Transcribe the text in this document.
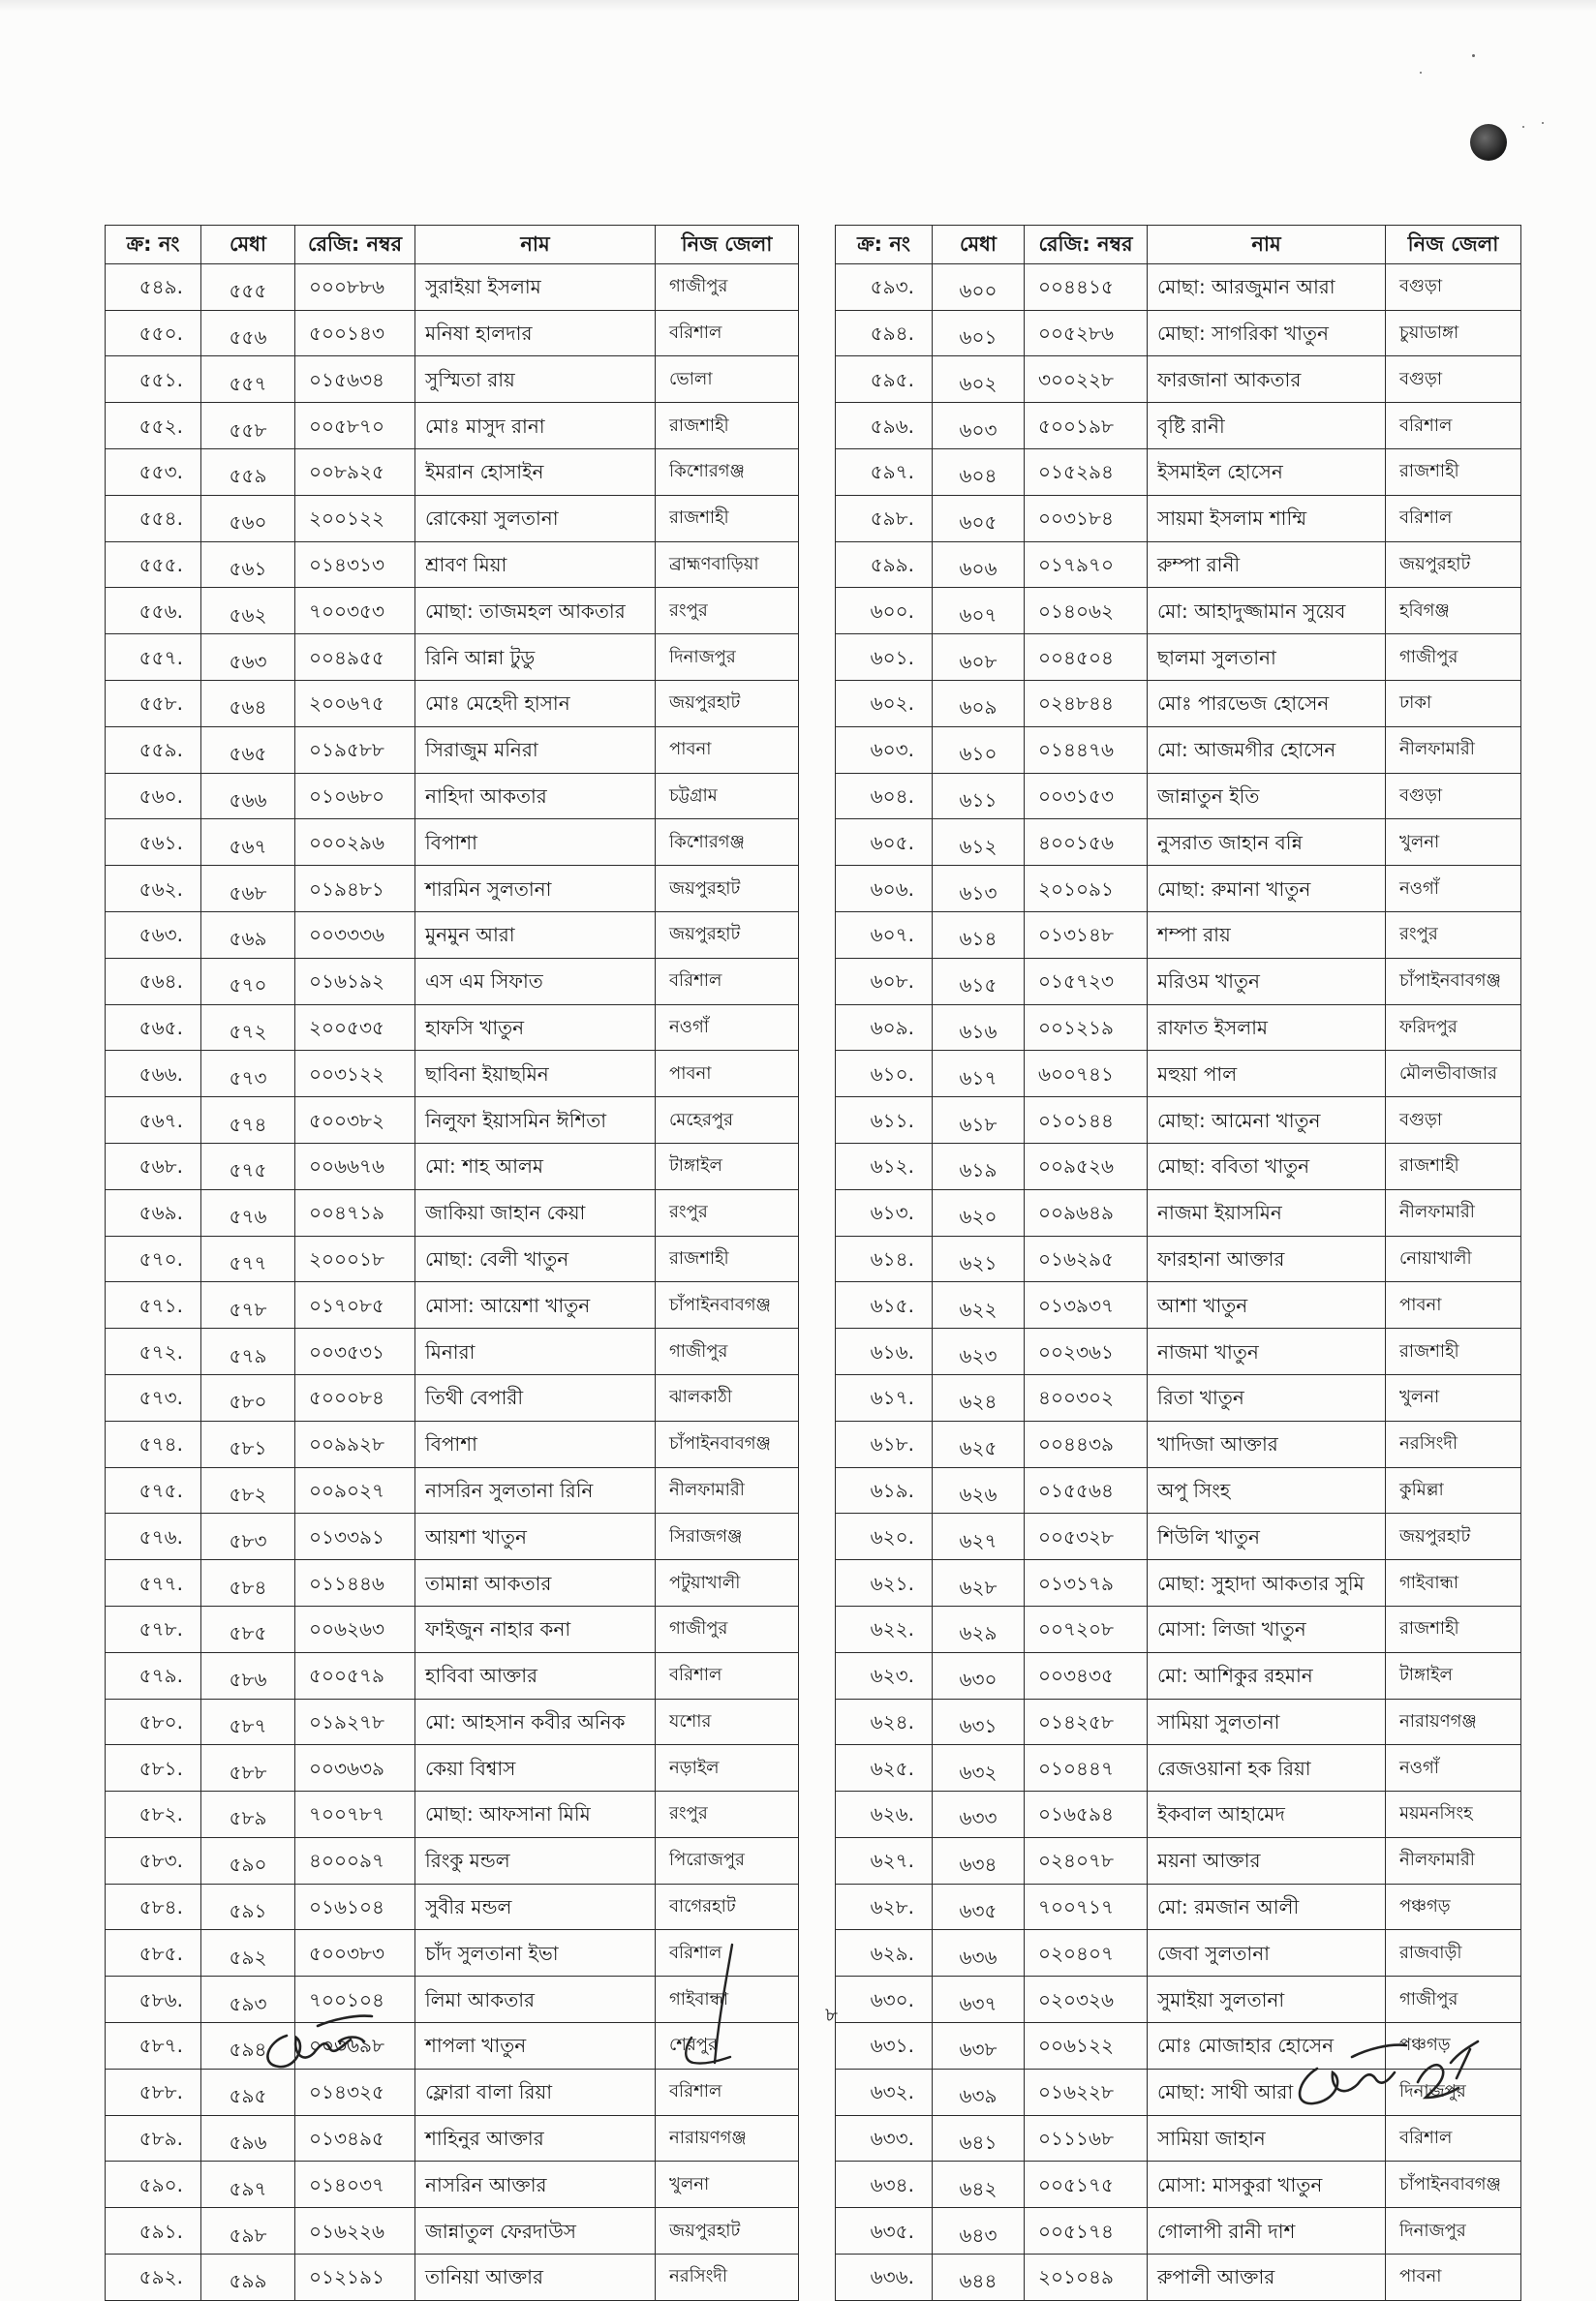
ক্র: নং	মেধা	রেজি: নম্বর	নাম	নিজ জেলা
৫৪৯.	৫৫৫	০০০৮৮৬	সুরাইয়া ইসলাম	গাজীপুর
৫৫০.	৫৫৬	৫০০১৪৩	মনিষা হালদার	বরিশাল
৫৫১.	৫৫৭	০১৫৬৩৪	সুস্মিতা রায়	ভোলা
৫৫২.	৫৫৮	০০৫৮৭০	মোঃ মাসুদ রানা	রাজশাহী
৫৫৩.	৫৫৯	০০৮৯২৫	ইমরান হোসাইন	কিশোরগঞ্জ
৫৫৪.	৫৬০	২০০১২২	রোকেয়া সুলতানা	রাজশাহী
৫৫৫.	৫৬১	০১৪৩১৩	শ্রাবণ মিয়া	ব্রাহ্মণবাড়িয়া
৫৫৬.	৫৬২	৭০০৩৫৩	মোছা: তাজমহল আকতার	রংপুর
৫৫৭.	৫৬৩	০০৪৯৫৫	রিনি আন্না টুডু	দিনাজপুর
৫৫৮.	৫৬৪	২০০৬৭৫	মোঃ মেহেদী হাসান	জয়পুরহাট
৫৫৯.	৫৬৫	০১৯৫৮৮	সিরাজুম মনিরা	পাবনা
৫৬০.	৫৬৬	০১০৬৮০	নাহিদা আকতার	চট্টগ্রাম
৫৬১.	৫৬৭	০০০২৯৬	বিপাশা	কিশোরগঞ্জ
৫৬২.	৫৬৮	০১৯৪৮১	শারমিন সুলতানা	জয়পুরহাট
৫৬৩.	৫৬৯	০০৩৩৩৬	মুনমুন আরা	জয়পুরহাট
৫৬৪.	৫৭০	০১৬১৯২	এস এম সিফাত	বরিশাল
৫৬৫.	৫৭২	২০০৫৩৫	হাফসি খাতুন	নওগাঁ
৫৬৬.	৫৭৩	০০৩১২২	ছাবিনা ইয়াছমিন	পাবনা
৫৬৭.	৫৭৪	৫০০৩৮২	নিলুফা ইয়াসমিন ঈশিতা	মেহেরপুর
৫৬৮.	৫৭৫	০০৬৬৭৬	মো: শাহ আলম	টাঙ্গাইল
৫৬৯.	৫৭৬	০০৪৭১৯	জাকিয়া জাহান কেয়া	রংপুর
৫৭০.	৫৭৭	২০০০১৮	মোছা: বেলী খাতুন	রাজশাহী
৫৭১.	৫৭৮	০১৭০৮৫	মোসা: আয়েশা খাতুন	চাঁপাইনবাবগঞ্জ
৫৭২.	৫৭৯	০০৩৫৩১	মিনারা	গাজীপুর
৫৭৩.	৫৮০	৫০০০৮৪	তিথী বেপারী	ঝালকাঠী
৫৭৪.	৫৮১	০০৯৯২৮	বিপাশা	চাঁপাইনবাবগঞ্জ
৫৭৫.	৫৮২	০০৯০২৭	নাসরিন সুলতানা রিনি	নীলফামারী
৫৭৬.	৫৮৩	০১৩৩৯১	আয়শা খাতুন	সিরাজগঞ্জ
৫৭৭.	৫৮৪	০১১৪৪৬	তামান্না আকতার	পটুয়াখালী
৫৭৮.	৫৮৫	০০৬২৬৩	ফাইজুন নাহার কনা	গাজীপুর
৫৭৯.	৫৮৬	৫০০৫৭৯	হাবিবা আক্তার	বরিশাল
৫৮০.	৫৮৭	০১৯২৭৮	মো: আহসান কবীর অনিক	যশোর
৫৮১.	৫৮৮	০০৩৬৩৯	কেয়া বিশ্বাস	নড়াইল
৫৮২.	৫৮৯	৭০০৭৮৭	মোছা: আফসানা মিমি	রংপুর
৫৮৩.	৫৯০	৪০০০৯৭	রিংকু মন্ডল	পিরোজপুর
৫৮৪.	৫৯১	০১৬১০৪	সুবীর মন্ডল	বাগেরহাট
৫৮৫.	৫৯২	৫০০৩৮৩	চাঁদ সুলতানা ইভা	বরিশাল
৫৮৬.	৫৯৩	৭০০১০৪	লিমা আকতার	গাইবান্ধা
৫৮৭.	৫৯৪	০০৩৬৯৮	শাপলা খাতুন	শেরপুর
৫৮৮.	৫৯৫	০১৪৩২৫	ফ্লোরা বালা রিয়া	বরিশাল
৫৮৯.	৫৯৬	০১৩৪৯৫	শাহিনুর আক্তার	নারায়ণগঞ্জ
৫৯০.	৫৯৭	০১৪০৩৭	নাসরিন আক্তার	খুলনা
৫৯১.	৫৯৮	০১৬২২৬	জান্নাতুল ফেরদাউস	জয়পুরহাট
৫৯২.	৫৯৯	০১২১৯১	তানিয়া আক্তার	নরসিংদী
ক্র: নং	মেধা	রেজি: নম্বর	নাম	নিজ জেলা
৫৯৩.	৬০০	০০৪৪১৫	মোছা: আরজুমান আরা	বগুড়া
৫৯৪.	৬০১	০০৫২৮৬	মোছা: সাগরিকা খাতুন	চুয়াডাঙ্গা
৫৯৫.	৬০২	৩০০২২৮	ফারজানা আকতার	বগুড়া
৫৯৬.	৬০৩	৫০০১৯৮	বৃষ্টি রানী	বরিশাল
৫৯৭.	৬০৪	০১৫২৯৪	ইসমাইল হোসেন	রাজশাহী
৫৯৮.	৬০৫	০০৩১৮৪	সায়মা ইসলাম শাম্মি	বরিশাল
৫৯৯.	৬০৬	০১৭৯৭০	রুম্পা রানী	জয়পুরহাট
৬০০.	৬০৭	০১৪০৬২	মো: আহাদুজ্জামান সুয়েব	হবিগঞ্জ
৬০১.	৬০৮	০০৪৫০৪	ছালমা সুলতানা	গাজীপুর
৬০২.	৬০৯	০২৪৮৪৪	মোঃ পারভেজ হোসেন	ঢাকা
৬০৩.	৬১০	০১৪৪৭৬	মো: আজমগীর হোসেন	নীলফামারী
৬০৪.	৬১১	০০৩১৫৩	জান্নাতুন ইতি	বগুড়া
৬০৫.	৬১২	৪০০১৫৬	নুসরাত জাহান বন্নি	খুলনা
৬০৬.	৬১৩	২০১০৯১	মোছা: রুমানা খাতুন	নওগাঁ
৬০৭.	৬১৪	০১৩১৪৮	শম্পা রায়	রংপুর
৬০৮.	৬১৫	০১৫৭২৩	মরিওম খাতুন	চাঁপাইনবাবগঞ্জ
৬০৯.	৬১৬	০০১২১৯	রাফাত ইসলাম	ফরিদপুর
৬১০.	৬১৭	৬০০৭৪১	মহুয়া পাল	মৌলভীবাজার
৬১১.	৬১৮	০১০১৪৪	মোছা: আমেনা খাতুন	বগুড়া
৬১২.	৬১৯	০০৯৫২৬	মোছা: ববিতা খাতুন	রাজশাহী
৬১৩.	৬২০	০০৯৬৪৯	নাজমা ইয়াসমিন	নীলফামারী
৬১৪.	৬২১	০১৬২৯৫	ফারহানা আক্তার	নোয়াখালী
৬১৫.	৬২২	০১৩৯৩৭	আশা খাতুন	পাবনা
৬১৬.	৬২৩	০০২৩৬১	নাজমা খাতুন	রাজশাহী
৬১৭.	৬২৪	৪০০৩০২	রিতা খাতুন	খুলনা
৬১৮.	৬২৫	০০৪৪৩৯	খাদিজা আক্তার	নরসিংদী
৬১৯.	৬২৬	০১৫৫৬৪	অপু সিংহ	কুমিল্লা
৬২০.	৬২৭	০০৫৩২৮	শিউলি খাতুন	জয়পুরহাট
৬২১.	৬২৮	০১৩১৭৯	মোছা: সুহাদা আকতার সুমি	গাইবান্ধা
৬২২.	৬২৯	০০৭২০৮	মোসা: লিজা খাতুন	রাজশাহী
৬২৩.	৬৩০	০০৩৪৩৫	মো: আশিকুর রহমান	টাঙ্গাইল
৬২৪.	৬৩১	০১৪২৫৮	সামিয়া সুলতানা	নারায়ণগঞ্জ
৬২৫.	৬৩২	০১০৪৪৭	রেজওয়ানা হক রিয়া	নওগাঁ
৬২৬.	৬৩৩	০১৬৫৯৪	ইকবাল আহামেদ	ময়মনসিংহ
৬২৭.	৬৩৪	০২৪০৭৮	ময়না আক্তার	নীলফামারী
৬২৮.	৬৩৫	৭০০৭১৭	মো: রমজান আলী	পঞ্চগড়
৬২৯.	৬৩৬	০২০৪০৭	জেবা সুলতানা	রাজবাড়ী
৬৩০.	৬৩৭	০২০৩২৬	সুমাইয়া সুলতানা	গাজীপুর
৬৩১.	৬৩৮	০০৬১২২	মোঃ মোজাহার হোসেন	পঞ্চগড়
৬৩২.	৬৩৯	০১৬২২৮	মোছা: সাথী আরা	দিনাজপুর
৬৩৩.	৬৪১	০১১১৬৮	সামিয়া জাহান	বরিশাল
৬৩৪.	৬৪২	০০৫১৭৫	মোসা: মাসকুরা খাতুন	চাঁপাইনবাবগঞ্জ
৬৩৫.	৬৪৩	০০৫১৭৪	গোলাপী রানী দাশ	দিনাজপুর
৬৩৬.	৬৪৪	২০১০৪৯	রুপালী আক্তার	পাবনা
৮
